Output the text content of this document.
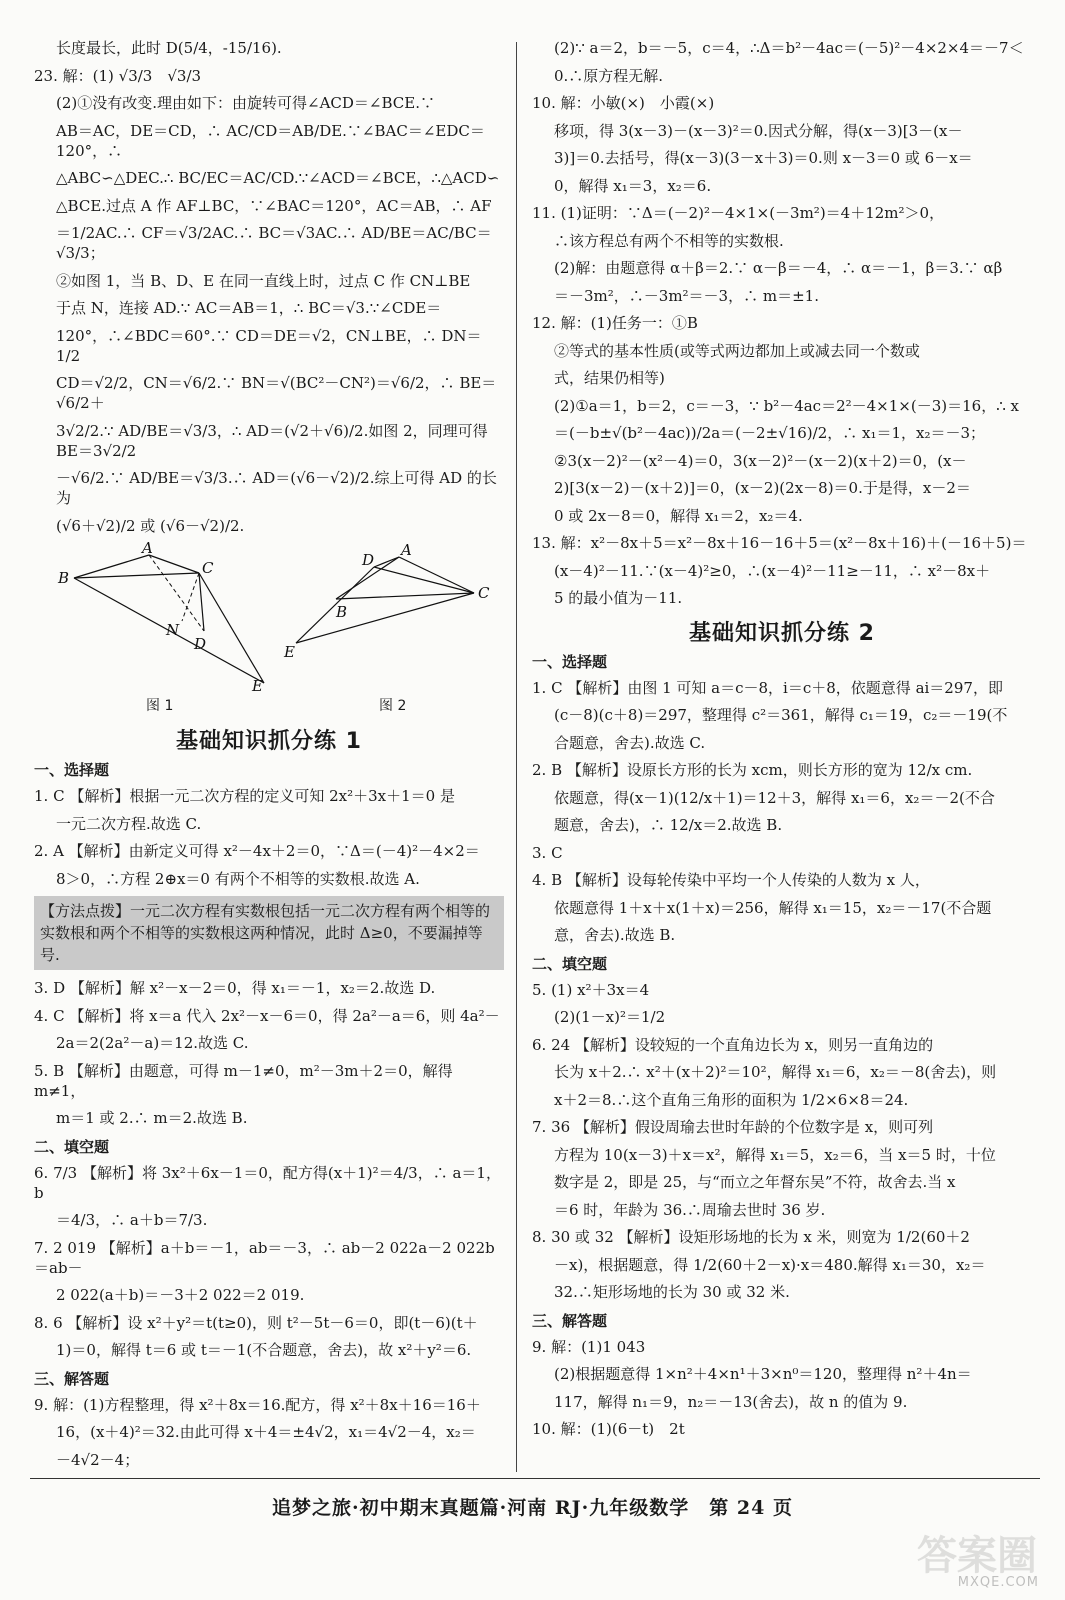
长度最长，此时 D(5/4，-15/16).
23. 解：(1) √3/3　√3/3
(2)①没有改变.理由如下：由旋转可得∠ACD＝∠BCE.∵
AB＝AC，DE＝CD，∴ AC/CD＝AB/DE.∵∠BAC＝∠EDC＝120°，∴
△ABC∽△DEC.∴ BC/EC＝AC/CD.∵∠ACD＝∠BCE，∴△ACD∽
△BCE.过点 A 作 AF⊥BC，∵∠BAC＝120°，AC＝AB，∴ AF
＝1/2AC.∴ CF＝√3/2AC.∴ BC＝√3AC.∴ AD/BE＝AC/BC＝√3/3；
②如图 1，当 B、D、E 在同一直线上时，过点 C 作 CN⊥BE
于点 N，连接 AD.∵ AC＝AB＝1，∴ BC＝√3.∵∠CDE＝
120°，∴∠BDC＝60°.∵ CD＝DE＝√2，CN⊥BE，∴ DN＝1/2
CD＝√2/2，CN＝√6/2.∵ BN＝√(BC²－CN²)＝√6/2，∴ BE＝√6/2＋
3√2/2.∵ AD/BE＝√3/3，∴ AD＝(√2＋√6)/2.如图 2，同理可得 BE＝3√2/2
－√6/2.∵ AD/BE＝√3/3.∴ AD＝(√6－√2)/2.综上可得 AD 的长为
(√6＋√2)/2 或 (√6－√2)/2.
A
B
C
N
D
E
D
A
B
C
E
图 1	图 2
基础知识抓分练 1
一、选择题
1. C 【解析】根据一元二次方程的定义可知 2x²＋3x＋1＝0 是
一元二次方程.故选 C.
2. A 【解析】由新定义可得 x²－4x＋2＝0，∵Δ＝(－4)²－4×2＝
8＞0，∴方程 2⊕x＝0 有两个不相等的实数根.故选 A.
【方法点拨】一元二次方程有实数根包括一元二次方程有两个相等的实数根和两个不相等的实数根这两种情况，此时 Δ≥0，不要漏掉等号.
3. D 【解析】解 x²－x－2＝0，得 x₁＝－1，x₂＝2.故选 D.
4. C 【解析】将 x＝a 代入 2x²－x－6＝0，得 2a²－a＝6，则 4a²－
2a＝2(2a²－a)＝12.故选 C.
5. B 【解析】由题意，可得 m－1≠0，m²－3m＋2＝0，解得 m≠1，
m＝1 或 2.∴ m＝2.故选 B.
二、填空题
6. 7/3 【解析】将 3x²＋6x－1＝0，配方得(x＋1)²＝4/3，∴ a＝1，b
＝4/3，∴ a＋b＝7/3.
7. 2 019 【解析】a＋b＝－1，ab＝－3，∴ ab－2 022a－2 022b＝ab－
2 022(a＋b)＝－3＋2 022＝2 019.
8. 6 【解析】设 x²＋y²＝t(t≥0)，则 t²－5t－6＝0，即(t－6)(t＋
1)＝0，解得 t＝6 或 t＝－1(不合题意，舍去)，故 x²＋y²＝6.
三、解答题
9. 解：(1)方程整理，得 x²＋8x＝16.配方，得 x²＋8x＋16＝16＋
16，(x＋4)²＝32.由此可得 x＋4＝±4√2，x₁＝4√2－4，x₂＝
－4√2－4；
(2)∵ a＝2，b＝－5，c＝4，∴Δ＝b²－4ac＝(－5)²－4×2×4＝－7＜
0.∴原方程无解.
10. 解：小敏(×)　小霞(×)
移项，得 3(x－3)－(x－3)²＝0.因式分解，得(x－3)[3－(x－
3)]＝0.去括号，得(x－3)(3－x＋3)＝0.则 x－3＝0 或 6－x＝
0，解得 x₁＝3，x₂＝6.
11. (1)证明：∵Δ＝(－2)²－4×1×(－3m²)＝4＋12m²＞0，
∴该方程总有两个不相等的实数根.
(2)解：由题意得 α＋β＝2.∵ α－β＝－4，∴ α＝－1，β＝3.∵ αβ
＝－3m²，∴－3m²＝－3，∴ m＝±1.
12. 解：(1)任务一：①B
②等式的基本性质(或等式两边都加上或减去同一个数或
式，结果仍相等)
(2)①a＝1，b＝2，c＝－3，∵ b²－4ac＝2²－4×1×(－3)＝16，∴ x
＝(－b±√(b²－4ac))/2a＝(－2±√16)/2，∴ x₁＝1，x₂＝－3；
②3(x－2)²－(x²－4)＝0，3(x－2)²－(x－2)(x＋2)＝0，(x－
2)[3(x－2)－(x＋2)]＝0，(x－2)(2x－8)＝0.于是得，x－2＝
0 或 2x－8＝0，解得 x₁＝2，x₂＝4.
13. 解：x²－8x＋5＝x²－8x＋16－16＋5＝(x²－8x＋16)＋(－16＋5)＝
(x－4)²－11.∵(x－4)²≥0，∴(x－4)²－11≥－11，∴ x²－8x＋
5 的最小值为－11.
基础知识抓分练 2
一、选择题
1. C 【解析】由图 1 可知 a＝c－8，i＝c＋8，依题意得 ai＝297，即
(c－8)(c＋8)＝297，整理得 c²＝361，解得 c₁＝19，c₂＝－19(不
合题意，舍去).故选 C.
2. B 【解析】设原长方形的长为 xcm，则长方形的宽为 12/x cm.
依题意，得(x－1)(12/x＋1)＝12＋3，解得 x₁＝6，x₂＝－2(不合
题意，舍去)，∴ 12/x＝2.故选 B.
3. C
4. B 【解析】设每轮传染中平均一个人传染的人数为 x 人，
依题意得 1＋x＋x(1＋x)＝256，解得 x₁＝15，x₂＝－17(不合题
意，舍去).故选 B.
二、填空题
5. (1) x²＋3x＝4
(2)(1－x)²＝1/2
6. 24 【解析】设较短的一个直角边长为 x，则另一直角边的
长为 x＋2.∴ x²＋(x＋2)²＝10²，解得 x₁＝6，x₂＝－8(舍去)，则
x＋2＝8.∴这个直角三角形的面积为 1/2×6×8＝24.
7. 36 【解析】假设周瑜去世时年龄的个位数字是 x，则可列
方程为 10(x－3)＋x＝x²，解得 x₁＝5，x₂＝6，当 x＝5 时，十位
数字是 2，即是 25，与“而立之年督东吴”不符，故舍去.当 x
＝6 时，年龄为 36.∴周瑜去世时 36 岁.
8. 30 或 32 【解析】设矩形场地的长为 x 米，则宽为 1/2(60＋2
－x)，根据题意，得 1/2(60＋2－x)·x＝480.解得 x₁＝30，x₂＝
32.∴矩形场地的长为 30 或 32 米.
三、解答题
9. 解：(1)1 043
(2)根据题意得 1×n²＋4×n¹＋3×n⁰＝120，整理得 n²＋4n＝
117，解得 n₁＝9，n₂＝－13(舍去)，故 n 的值为 9.
10. 解：(1)(6－t)　2t
追梦之旅·初中期末真题篇·河南 RJ·九年级数学　第 24 页
答案圈
MXQE.COM
